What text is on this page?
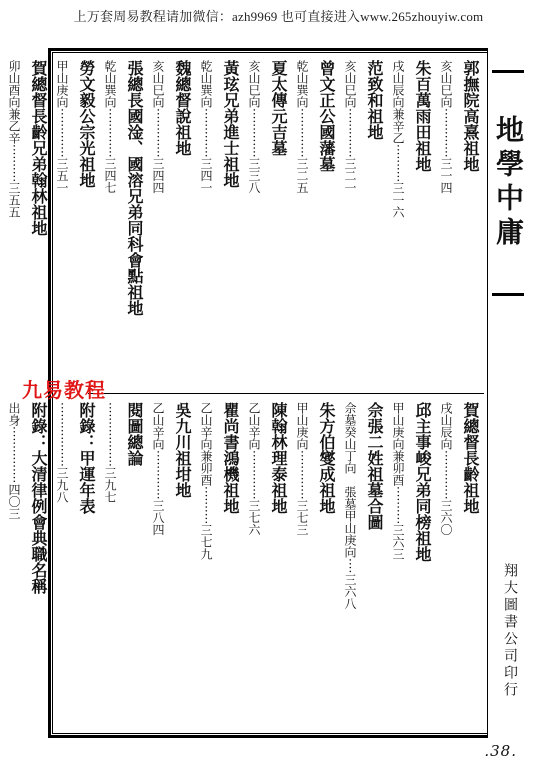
上万套周易教程请加微信：azh9969 也可直接进入www.265zhouyiw.com
地學中庸
翔大圖書公司印行
郭撫院高熹祖地
亥山巳向·············三一四
朱百萬雨田祖地
戌山辰向兼辛乙··········三一六
范致和祖地
亥山巳向·············三二一
曾文正公國藩墓
乾山巽向·············三二五
夏太傳元吉墓
亥山巳向·············三三八
黃玹兄弟進士祖地
乾山巽向·············三四一
魏總督說祖地
亥山巳向·············三四四
張總長國淦、國溶兄弟同科會點祖地
乾山巽向·············三四七
勞文毅公宗光祖地
甲山庚向·············三五一
賀總督長齡兄弟翰林祖地
卯山酉向兼乙辛··········三五五
賀總督長齡祖地
戌山辰向·············三六〇
邱主事峻兄弟同榜祖地
甲山庚向兼卯酉··········三六三
佘張二姓祖墓合圖
佘墓癸山丁向　張墓甲山庚向····三六八
朱方伯燮成祖地
甲山庚向·············三七三
陳翰林理泰祖地
乙山辛向·············三七六
瞿尚書鴻機祖地
乙山辛向兼卯酉··········三七九
吳九川祖坩地
乙山辛向·············三八四
閱圖總論
·················三九七
附錄：甲運年表
·················三九八
附錄：大清律例會典職名稱
出身···············四〇三
九易教程
.38.
